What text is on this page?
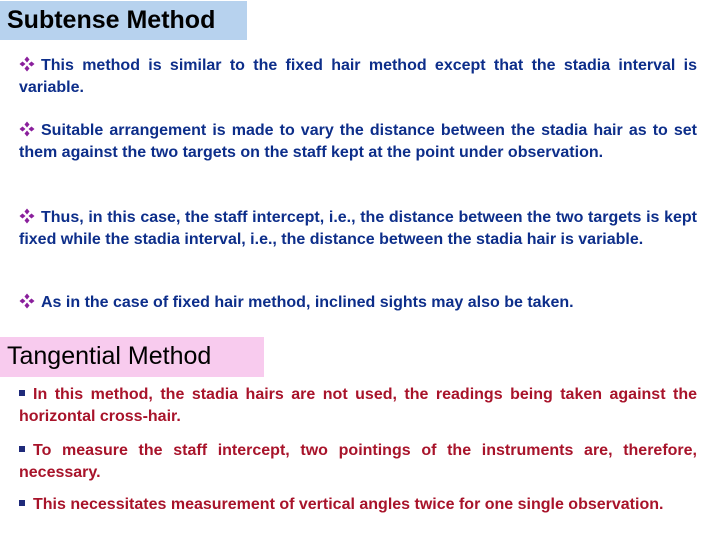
Subtense Method

This method is similar to the fixed hair method except that the stadia interval is variable.

Suitable arrangement is made to vary the distance between the stadia hair as to set them against the two targets on the staff kept at the point under observation.

Thus, in this case, the staff intercept, i.e., the distance between the two targets is kept fixed while the stadia interval, i.e., the distance between the stadia hair is variable.

As in the case of fixed hair method, inclined sights may also be taken.

Tangential Method

In this method, the stadia hairs are not used, the readings being taken against the horizontal cross-hair.

To measure the staff intercept, two pointings of the instruments are, therefore, necessary.

This necessitates measurement of vertical angles twice for one single observation.
